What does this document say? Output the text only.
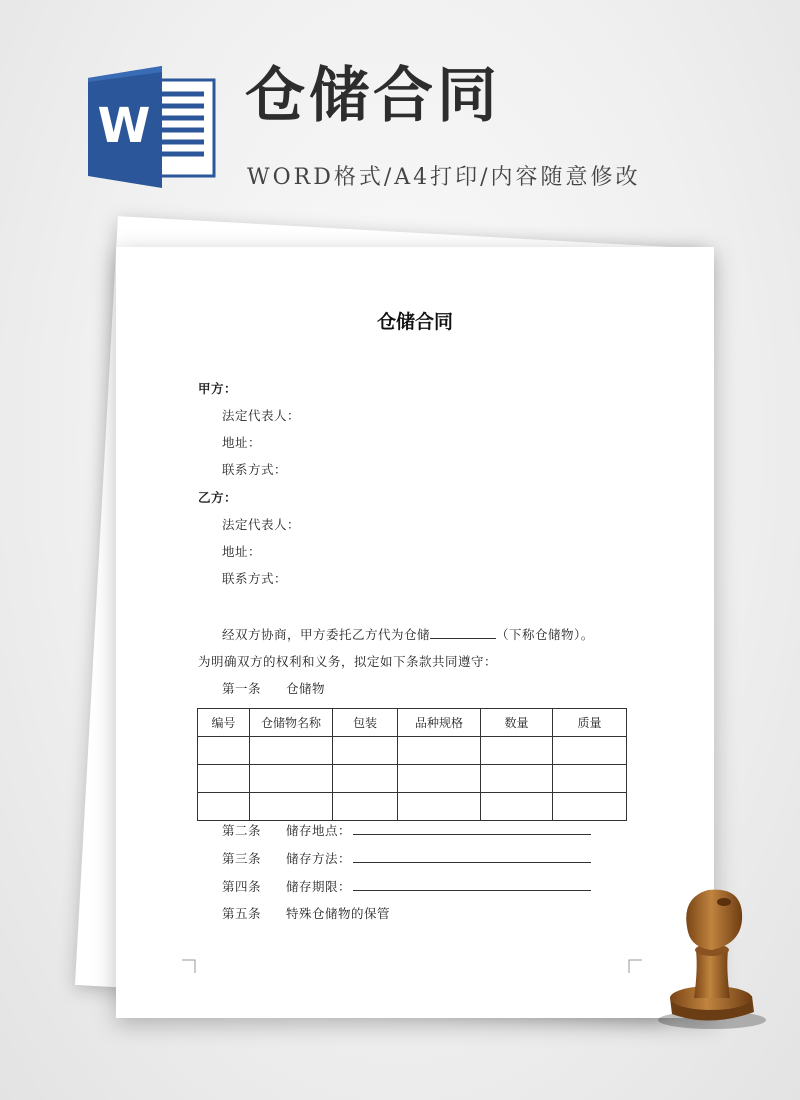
W 仓储合同
WORD格式/A4打印/内容随意修改
仓储合同
甲方：
法定代表人：
地址：
联系方式：
乙方：
法定代表人：
地址：
联系方式：
经双方协商，甲方委托乙方代为仓储	（下称仓储物）。
为明确双方的权利和义务，拟定如下条款共同遵守：
第一条 仓储物
编号	仓储物名称	包装	品种规格	数量	质量

第二条 储存地点：
第三条 储存方法：
第四条 储存期限：
第五条 特殊仓储物的保管
